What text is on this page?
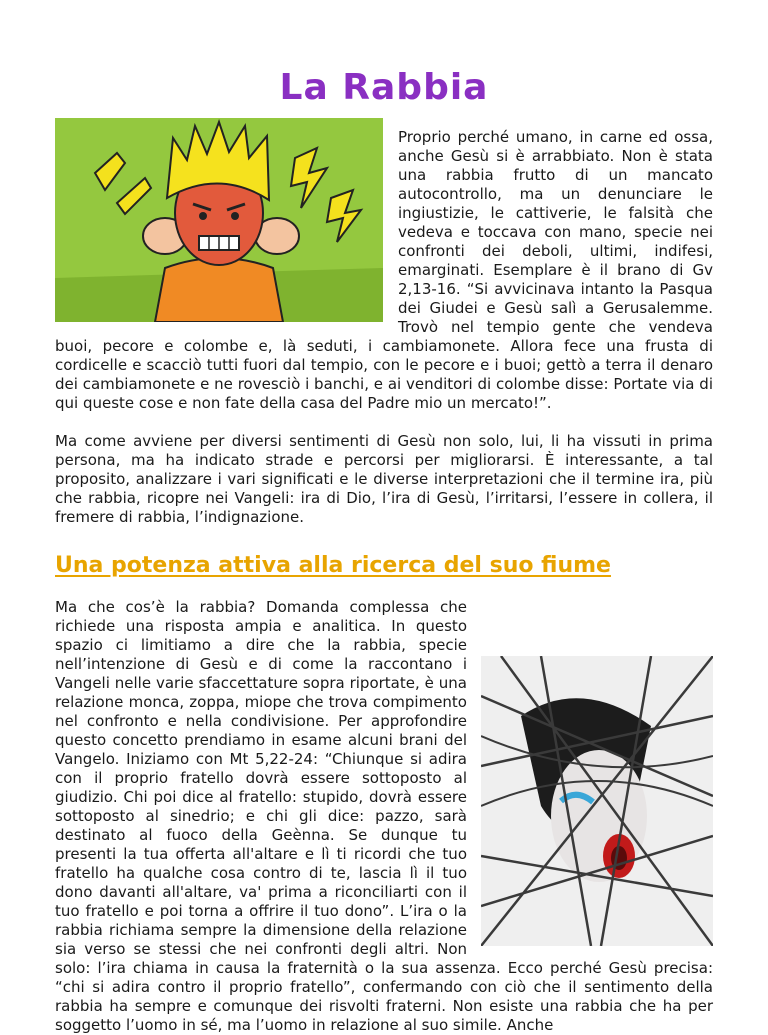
La Rabbia
Proprio perché umano, in carne ed ossa, anche Gesù si è arrabbiato. Non è stata una rabbia frutto di un mancato autocontrollo, ma un denunciare le ingiustizie, le cattiverie, le falsità che vedeva e toccava con mano, specie nei confronti dei deboli, ultimi, indifesi, emarginati. Esemplare è il brano di Gv 2,13-16. “Si avvicinava intanto la Pasqua dei Giudei e Gesù salì a Gerusalemme. Trovò nel tempio gente che vendeva buoi, pecore e colombe e, là seduti, i cambiamonete. Allora fece una frusta di cordicelle e scacciò tutti fuori dal tempio, con le pecore e i buoi; gettò a terra il denaro dei cambiamonete e ne rovesciò i banchi, e ai venditori di colombe disse: Portate via di qui queste cose e non fate della casa del Padre mio un mercato!”.

Ma come avviene per diversi sentimenti di Gesù non solo, lui, li ha vissuti in prima persona, ma ha indicato strade e percorsi per migliorarsi. È interessante, a tal proposito, analizzare i vari significati e le diverse interpretazioni che il termine ira, più che rabbia, ricopre nei Vangeli: ira di Dio, l’ira di Gesù, l’irritarsi, l’essere in collera, il fremere di rabbia, l’indignazione.

Una potenza attiva alla ricerca del suo fiume
Ma che cos’è la rabbia? Domanda complessa che richiede una risposta ampia e analitica. In questo spazio ci limitiamo a dire che la rabbia, specie nell’intenzione di Gesù e di come la raccontano i Vangeli nelle varie sfaccettature sopra riportate, è una relazione monca, zoppa, miope che trova compimento nel confronto e nella condivisione. Per approfondire questo concetto prendiamo in esame alcuni brani del Vangelo. Iniziamo con Mt 5,22-24: “Chiunque si adira con il proprio fratello dovrà essere sottoposto al giudizio. Chi poi dice al fratello: stupido, dovrà essere sottoposto al sinedrio; e chi gli dice: pazzo, sarà destinato al fuoco della Geènna. Se dunque tu presenti la tua offerta all'altare e lì ti ricordi che tuo fratello ha qualche cosa contro di te, lascia lì il tuo dono davanti all'altare, va' prima a riconciliarti con il tuo fratello e poi torna a offrire il tuo dono”. L’ira o la rabbia richiama sempre la dimensione della relazione sia verso se stessi che nei confronti degli altri. Non solo: l’ira chiama in causa la fraternità o la sua assenza. Ecco perché Gesù precisa: “chi si adira contro il proprio fratello”, confermando con ciò che il sentimento della rabbia ha sempre e comunque dei risvolti fraterni. Non esiste una rabbia che ha per soggetto l’uomo in sé, ma l’uomo in relazione al suo simile. Anche
